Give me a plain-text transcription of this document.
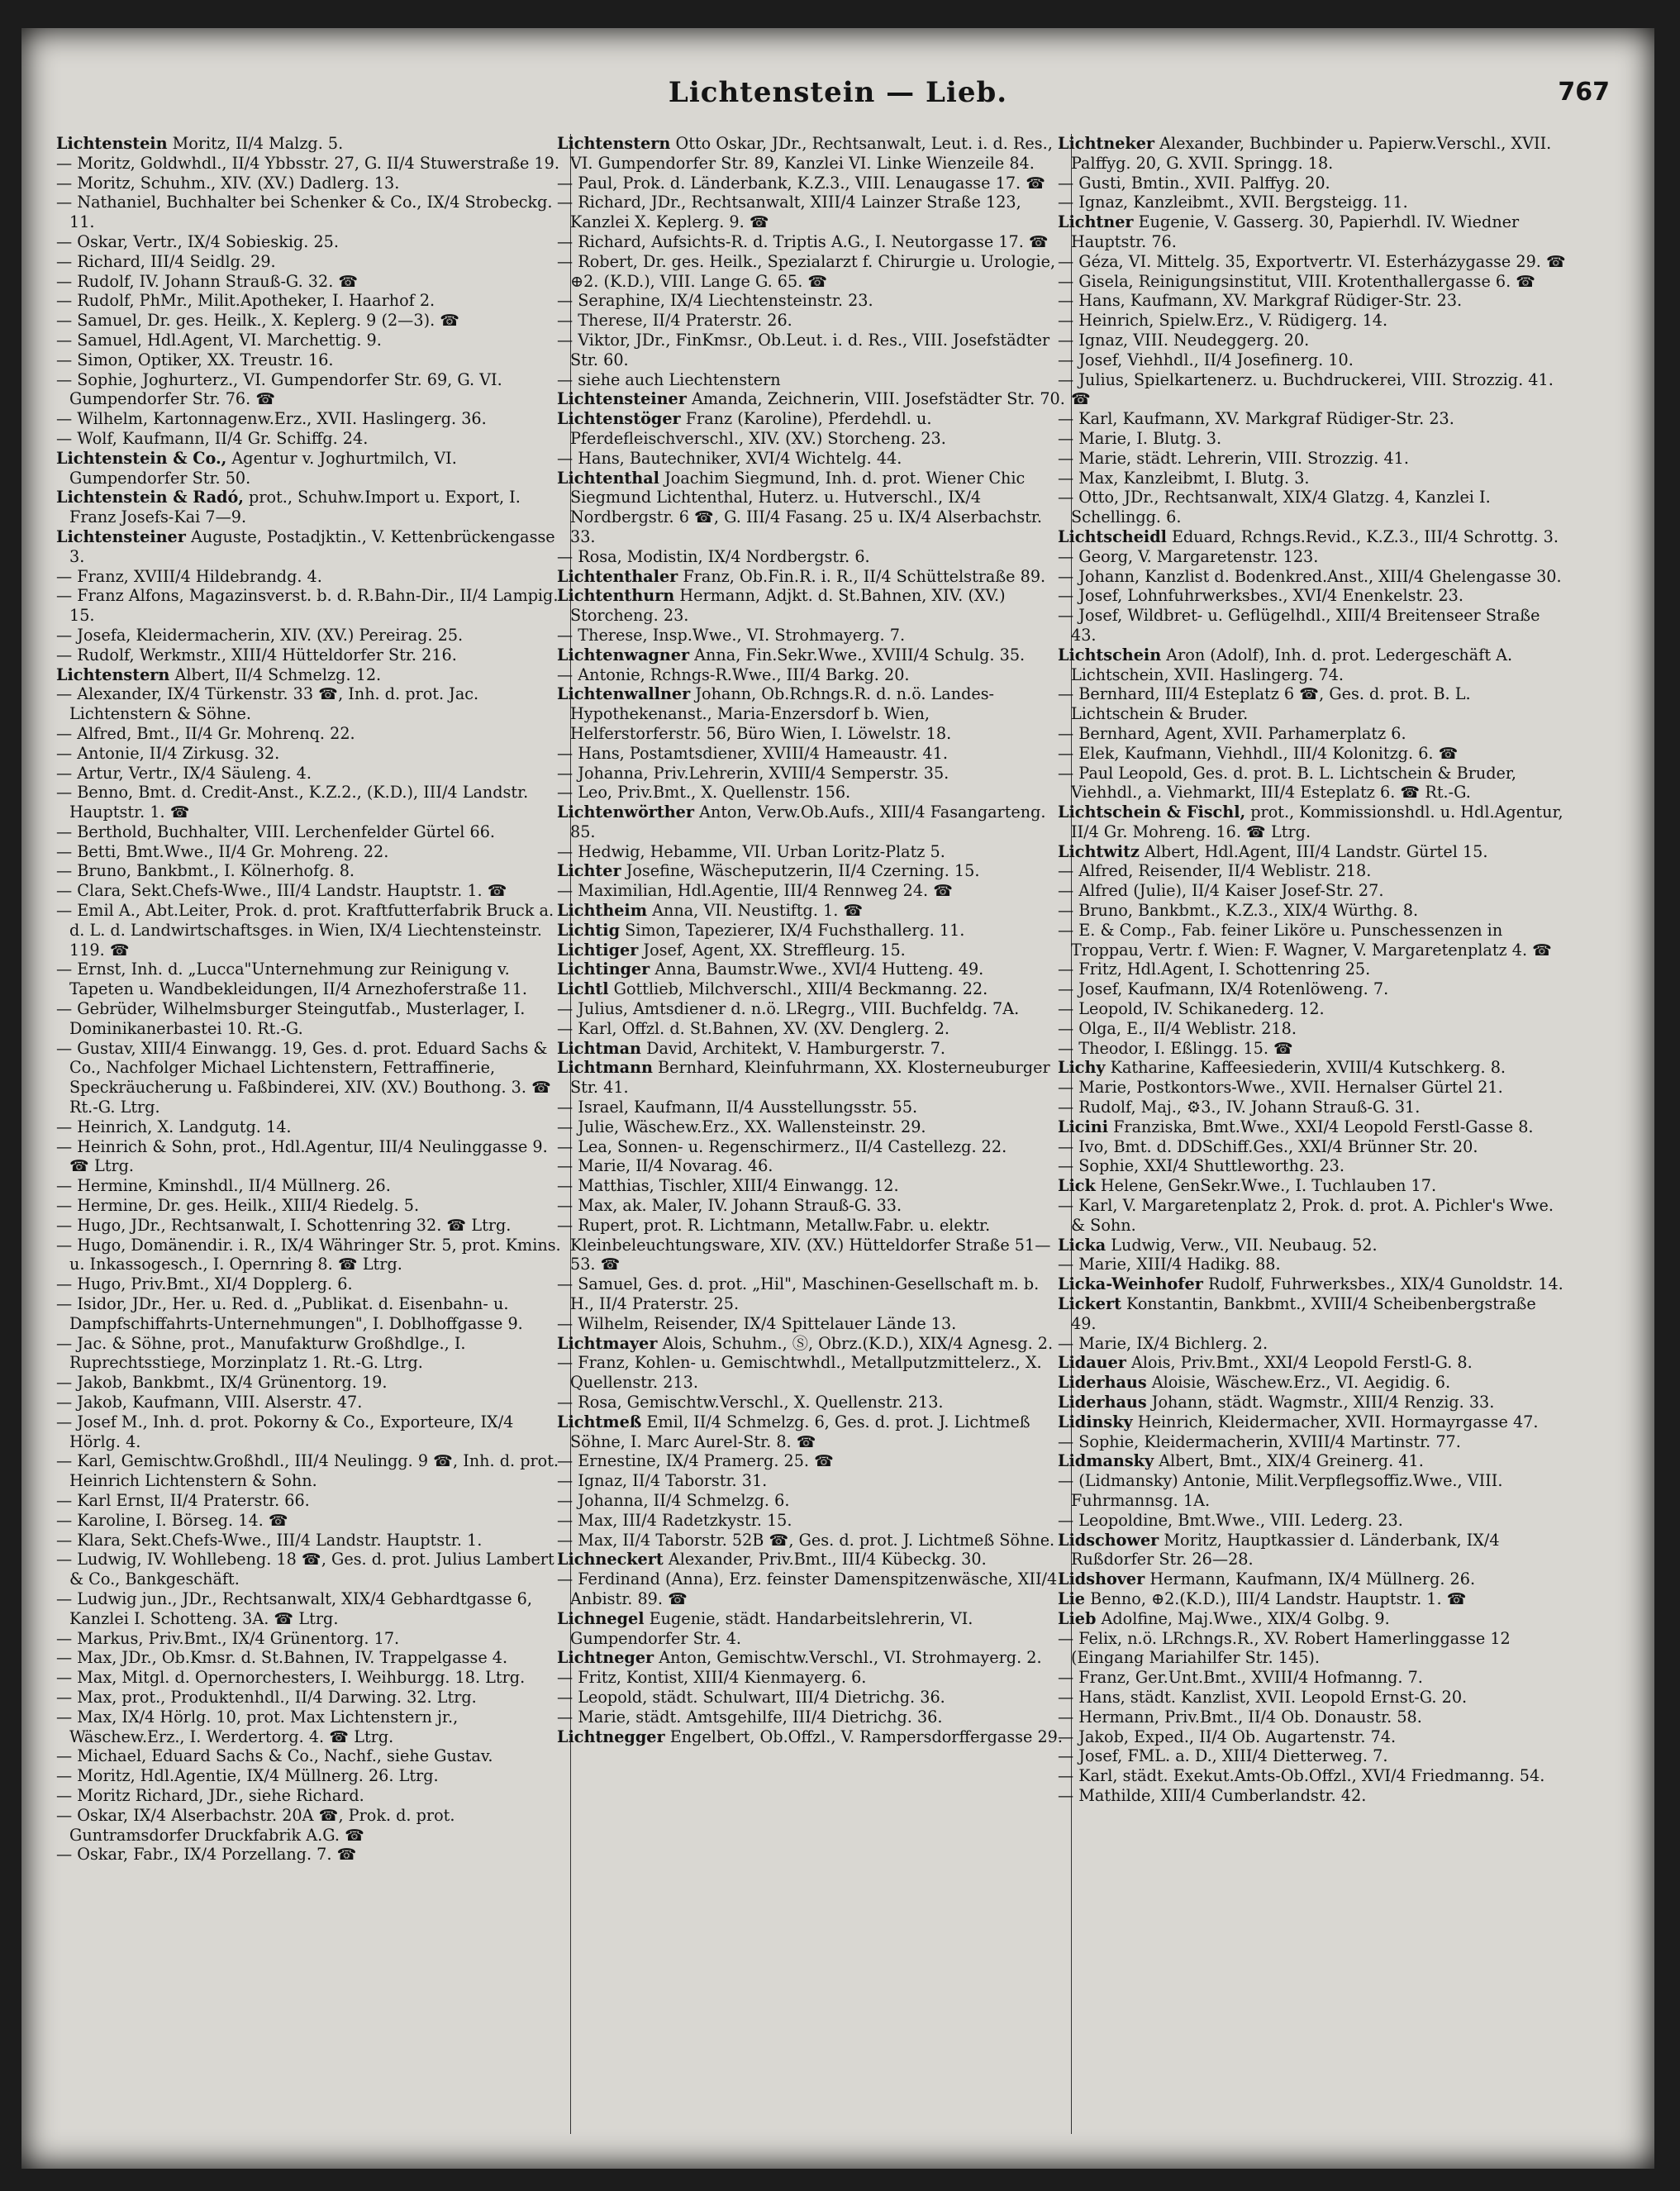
Lichtenstein — Lieb.	767

Lichtenstein Moritz, II/4 Malzg. 5.

— Moritz, Goldwhdl., II/4 Ybbsstr. 27, G. II/4 Stuwerstraße 19.

— Moritz, Schuhm., XIV. (XV.) Dadlerg. 13.

— Nathaniel, Buchhalter bei Schenker & Co., IX/4 Strobeckg. 11.

— Oskar, Vertr., IX/4 Sobieskig. 25.

— Richard, III/4 Seidlg. 29.

— Rudolf, IV. Johann Strauß-G. 32. ☎

— Rudolf, PhMr., Milit.Apotheker, I. Haarhof 2.

— Samuel, Dr. ges. Heilk., X. Keplerg. 9 (2—3). ☎

— Samuel, Hdl.Agent, VI. Marchettig. 9.

— Simon, Optiker, XX. Treustr. 16.

— Sophie, Joghurterz., VI. Gumpendorfer Str. 69, G. VI. Gumpendorfer Str. 76. ☎

— Wilhelm, Kartonnagenw.Erz., XVII. Haslingerg. 36.

— Wolf, Kaufmann, II/4 Gr. Schiffg. 24.

Lichtenstein & Co., Agentur v. Joghurtmilch, VI. Gumpendorfer Str. 50.

Lichtenstein & Radó, prot., Schuhw.Import u. Export, I. Franz Josefs-Kai 7—9.

Lichtensteiner Auguste, Postadjktin., V. Kettenbrückengasse 3.

— Franz, XVIII/4 Hildebrandg. 4.

— Franz Alfons, Magazinsverst. b. d. R.Bahn-Dir., II/4 Lampig. 15.

— Josefa, Kleidermacherin, XIV. (XV.) Pereirag. 25.

— Rudolf, Werkmstr., XIII/4 Hütteldorfer Str. 216.

Lichtenstern Albert, II/4 Schmelzg. 12.

— Alexander, IX/4 Türkenstr. 33 ☎, Inh. d. prot. Jac. Lichtenstern & Söhne.

— Alfred, Bmt., II/4 Gr. Mohrenq. 22.

— Antonie, II/4 Zirkusg. 32.

— Artur, Vertr., IX/4 Säuleng. 4.

— Benno, Bmt. d. Credit-Anst., K.Z.2., (K.D.), III/4 Landstr. Hauptstr. 1. ☎

— Berthold, Buchhalter, VIII. Lerchenfelder Gürtel 66.

— Betti, Bmt.Wwe., II/4 Gr. Mohreng. 22.

— Bruno, Bankbmt., I. Kölnerhofg. 8.

— Clara, Sekt.Chefs-Wwe., III/4 Landstr. Hauptstr. 1. ☎

— Emil A., Abt.Leiter, Prok. d. prot. Kraftfutterfabrik Bruck a. d. L. d. Landwirtschaftsges. in Wien, IX/4 Liechtensteinstr. 119. ☎

— Ernst, Inh. d. „Lucca"Unternehmung zur Reinigung v. Tapeten u. Wandbekleidungen, II/4 Arnezhoferstraße 11.

— Gebrüder, Wilhelmsburger Steingutfab., Musterlager, I. Dominikanerbastei 10. Rt.-G.

— Gustav, XIII/4 Einwangg. 19, Ges. d. prot. Eduard Sachs & Co., Nachfolger Michael Lichtenstern, Fettraffinerie, Speckräucherung u. Faßbinderei, XIV. (XV.) Bouthong. 3. ☎ Rt.-G. Ltrg.

— Heinrich, X. Landgutg. 14.

— Heinrich & Sohn, prot., Hdl.Agentur, III/4 Neulinggasse 9. ☎ Ltrg.

— Hermine, Kminshdl., II/4 Müllnerg. 26.

— Hermine, Dr. ges. Heilk., XIII/4 Riedelg. 5.

— Hugo, JDr., Rechtsanwalt, I. Schottenring 32. ☎ Ltrg.

— Hugo, Domänendir. i. R., IX/4 Währinger Str. 5, prot. Kmins. u. Inkassogesch., I. Opernring 8. ☎ Ltrg.

— Hugo, Priv.Bmt., XI/4 Dopplerg. 6.

— Isidor, JDr., Her. u. Red. d. „Publikat. d. Eisenbahn- u. Dampfschiffahrts-Unternehmungen", I. Doblhoffgasse 9.

— Jac. & Söhne, prot., Manufakturw Großhdlge., I. Ruprechtsstiege, Morzinplatz 1. Rt.-G. Ltrg.

— Jakob, Bankbmt., IX/4 Grünentorg. 19.

— Jakob, Kaufmann, VIII. Alserstr. 47.

— Josef M., Inh. d. prot. Pokorny & Co., Exporteure, IX/4 Hörlg. 4.

— Karl, Gemischtw.Großhdl., III/4 Neulingg. 9 ☎, Inh. d. prot. Heinrich Lichtenstern & Sohn.

— Karl Ernst, II/4 Praterstr. 66.

— Karoline, I. Börseg. 14. ☎

— Klara, Sekt.Chefs-Wwe., III/4 Landstr. Hauptstr. 1.

— Ludwig, IV. Wohllebeng. 18 ☎, Ges. d. prot. Julius Lambert & Co., Bankgeschäft.

— Ludwig jun., JDr., Rechtsanwalt, XIX/4 Gebhardtgasse 6, Kanzlei I. Schotteng. 3A. ☎ Ltrg.

— Markus, Priv.Bmt., IX/4 Grünentorg. 17.

— Max, JDr., Ob.Kmsr. d. St.Bahnen, IV. Trappelgasse 4.

— Max, Mitgl. d. Opernorchesters, I. Weihburgg. 18. Ltrg.

— Max, prot., Produktenhdl., II/4 Darwing. 32. Ltrg.

— Max, IX/4 Hörlg. 10, prot. Max Lichtenstern jr., Wäschew.Erz., I. Werdertorg. 4. ☎ Ltrg.

— Michael, Eduard Sachs & Co., Nachf., siehe Gustav.

— Moritz, Hdl.Agentie, IX/4 Müllnerg. 26. Ltrg.

— Moritz Richard, JDr., siehe Richard.

— Oskar, IX/4 Alserbachstr. 20A ☎, Prok. d. prot. Guntramsdorfer Druckfabrik A.G. ☎

— Oskar, Fabr., IX/4 Porzellang. 7. ☎

Lichtenstern Otto Oskar, JDr., Rechtsanwalt, Leut. i. d. Res., VI. Gumpendorfer Str. 89, Kanzlei VI. Linke Wienzeile 84.

— Paul, Prok. d. Länderbank, K.Z.3., VIII. Lenaugasse 17. ☎

— Richard, JDr., Rechtsanwalt, XIII/4 Lainzer Straße 123, Kanzlei X. Keplerg. 9. ☎

— Richard, Aufsichts-R. d. Triptis A.G., I. Neutorgasse 17. ☎

— Robert, Dr. ges. Heilk., Spezialarzt f. Chirurgie u. Urologie, ⊕2. (K.D.), VIII. Lange G. 65. ☎

— Seraphine, IX/4 Liechtensteinstr. 23.

— Therese, II/4 Praterstr. 26.

— Viktor, JDr., FinKmsr., Ob.Leut. i. d. Res., VIII. Josefstädter Str. 60.

— siehe auch Liechtenstern

Lichtensteiner Amanda, Zeichnerin, VIII. Josefstädter Str. 70.

Lichtenstöger Franz (Karoline), Pferdehdl. u. Pferdefleischverschl., XIV. (XV.) Storcheng. 23.

— Hans, Bautechniker, XVI/4 Wichtelg. 44.

Lichtenthal Joachim Siegmund, Inh. d. prot. Wiener Chic Siegmund Lichtenthal, Huterz. u. Hutverschl., IX/4 Nordbergstr. 6 ☎, G. III/4 Fasang. 25 u. IX/4 Alserbachstr. 33.

— Rosa, Modistin, IX/4 Nordbergstr. 6.

Lichtenthaler Franz, Ob.Fin.R. i. R., II/4 Schüttelstraße 89.

Lichtenthurn Hermann, Adjkt. d. St.Bahnen, XIV. (XV.) Storcheng. 23.

— Therese, Insp.Wwe., VI. Strohmayerg. 7.

Lichtenwagner Anna, Fin.Sekr.Wwe., XVIII/4 Schulg. 35.

— Antonie, Rchngs-R.Wwe., III/4 Barkg. 20.

Lichtenwallner Johann, Ob.Rchngs.R. d. n.ö. Landes-Hypothekenanst., Maria-Enzersdorf b. Wien, Helferstorferstr. 56, Büro Wien, I. Löwelstr. 18.

— Hans, Postamtsdiener, XVIII/4 Hameaustr. 41.

— Johanna, Priv.Lehrerin, XVIII/4 Semperstr. 35.

— Leo, Priv.Bmt., X. Quellenstr. 156.

Lichtenwörther Anton, Verw.Ob.Aufs., XIII/4 Fasangarteng. 85.

— Hedwig, Hebamme, VII. Urban Loritz-Platz 5.

Lichter Josefine, Wäscheputzerin, II/4 Czerning. 15.

— Maximilian, Hdl.Agentie, III/4 Rennweg 24. ☎

Lichtheim Anna, VII. Neustiftg. 1. ☎

Lichtig Simon, Tapezierer, IX/4 Fuchsthallerg. 11.

Lichtiger Josef, Agent, XX. Streffleurg. 15.

Lichtinger Anna, Baumstr.Wwe., XVI/4 Hutteng. 49.

Lichtl Gottlieb, Milchverschl., XIII/4 Beckmanng. 22.

— Julius, Amtsdiener d. n.ö. LRegrg., VIII. Buchfeldg. 7A.

— Karl, Offzl. d. St.Bahnen, XV. (XV. Denglerg. 2.

Lichtman David, Architekt, V. Hamburgerstr. 7.

Lichtmann Bernhard, Kleinfuhrmann, XX. Klosterneuburger Str. 41.

— Israel, Kaufmann, II/4 Ausstellungsstr. 55.

— Julie, Wäschew.Erz., XX. Wallensteinstr. 29.

— Lea, Sonnen- u. Regenschirmerz., II/4 Castellezg. 22.

— Marie, II/4 Novarag. 46.

— Matthias, Tischler, XIII/4 Einwangg. 12.

— Max, ak. Maler, IV. Johann Strauß-G. 33.

— Rupert, prot. R. Lichtmann, Metallw.Fabr. u. elektr. Kleinbeleuchtungsware, XIV. (XV.) Hütteldorfer Straße 51—53. ☎

— Samuel, Ges. d. prot. „Hil", Maschinen-Gesellschaft m. b. H., II/4 Praterstr. 25.

— Wilhelm, Reisender, IX/4 Spittelauer Lände 13.

Lichtmayer Alois, Schuhm., Ⓢ, Obrz.(K.D.), XIX/4 Agnesg. 2.

— Franz, Kohlen- u. Gemischtwhdl., Metallputzmittelerz., X. Quellenstr. 213.

— Rosa, Gemischtw.Verschl., X. Quellenstr. 213.

Lichtmeß Emil, II/4 Schmelzg. 6, Ges. d. prot. J. Lichtmeß Söhne, I. Marc Aurel-Str. 8. ☎

— Ernestine, IX/4 Pramerg. 25. ☎

— Ignaz, II/4 Taborstr. 31.

— Johanna, II/4 Schmelzg. 6.

— Max, III/4 Radetzkystr. 15.

— Max, II/4 Taborstr. 52B ☎, Ges. d. prot. J. Lichtmeß Söhne.

Lichneckert Alexander, Priv.Bmt., III/4 Kübeckg. 30.

— Ferdinand (Anna), Erz. feinster Damenspitzenwäsche, XII/4 Anbistr. 89. ☎

Lichnegel Eugenie, städt. Handarbeitslehrerin, VI. Gumpendorfer Str. 4.

Lichtneger Anton, Gemischtw.Verschl., VI. Strohmayerg. 2.

— Fritz, Kontist, XIII/4 Kienmayerg. 6.

— Leopold, städt. Schulwart, III/4 Dietrichg. 36.

— Marie, städt. Amtsgehilfe, III/4 Dietrichg. 36.

Lichtnegger Engelbert, Ob.Offzl., V. Rampersdorffergasse 29.

Lichtneker Alexander, Buchbinder u. Papierw.Verschl., XVII. Palffyg. 20, G. XVII. Springg. 18.

— Gusti, Bmtin., XVII. Palffyg. 20.

— Ignaz, Kanzleibmt., XVII. Bergsteigg. 11.

Lichtner Eugenie, V. Gasserg. 30, Papierhdl. IV. Wiedner Hauptstr. 76.

— Géza, VI. Mittelg. 35, Exportvertr. VI. Esterházygasse 29. ☎

— Gisela, Reinigungsinstitut, VIII. Krotenthallergasse 6. ☎

— Hans, Kaufmann, XV. Markgraf Rüdiger-Str. 23.

— Heinrich, Spielw.Erz., V. Rüdigerg. 14.

— Ignaz, VIII. Neudeggerg. 20.

— Josef, Viehhdl., II/4 Josefinerg. 10.

— Julius, Spielkartenerz. u. Buchdruckerei, VIII. Strozzig. 41. ☎

— Karl, Kaufmann, XV. Markgraf Rüdiger-Str. 23.

— Marie, I. Blutg. 3.

— Marie, städt. Lehrerin, VIII. Strozzig. 41.

— Max, Kanzleibmt, I. Blutg. 3.

— Otto, JDr., Rechtsanwalt, XIX/4 Glatzg. 4, Kanzlei I. Schellingg. 6.

Lichtscheidl Eduard, Rchngs.Revid., K.Z.3., III/4 Schrottg. 3.

— Georg, V. Margaretenstr. 123.

— Johann, Kanzlist d. Bodenkred.Anst., XIII/4 Ghelengasse 30.

— Josef, Lohnfuhrwerksbes., XVI/4 Enenkelstr. 23.

— Josef, Wildbret- u. Geflügelhdl., XIII/4 Breitenseer Straße 43.

Lichtschein Aron (Adolf), Inh. d. prot. Ledergeschäft A. Lichtschein, XVII. Haslingerg. 74.

— Bernhard, III/4 Esteplatz 6 ☎, Ges. d. prot. B. L. Lichtschein & Bruder.

— Bernhard, Agent, XVII. Parhamerplatz 6.

— Elek, Kaufmann, Viehhdl., III/4 Kolonitzg. 6. ☎

— Paul Leopold, Ges. d. prot. B. L. Lichtschein & Bruder, Viehhdl., a. Viehmarkt, III/4 Esteplatz 6. ☎ Rt.-G.

Lichtschein & Fischl, prot., Kommissionshdl. u. Hdl.Agentur, II/4 Gr. Mohreng. 16. ☎ Ltrg.

Lichtwitz Albert, Hdl.Agent, III/4 Landstr. Gürtel 15.

— Alfred, Reisender, II/4 Weblistr. 218.

— Alfred (Julie), II/4 Kaiser Josef-Str. 27.

— Bruno, Bankbmt., K.Z.3., XIX/4 Würthg. 8.

— E. & Comp., Fab. feiner Liköre u. Punschessenzen in Troppau, Vertr. f. Wien: F. Wagner, V. Margaretenplatz 4. ☎

— Fritz, Hdl.Agent, I. Schottenring 25.

— Josef, Kaufmann, IX/4 Rotenlöweng. 7.

— Leopold, IV. Schikanederg. 12.

— Olga, E., II/4 Weblistr. 218.

— Theodor, I. Eßlingg. 15. ☎

Lichy Katharine, Kaffeesiederin, XVIII/4 Kutschkerg. 8.

— Marie, Postkontors-Wwe., XVII. Hernalser Gürtel 21.

— Rudolf, Maj., ⚙3., IV. Johann Strauß-G. 31.

Licini Franziska, Bmt.Wwe., XXI/4 Leopold Ferstl-Gasse 8.

— Ivo, Bmt. d. DDSchiff.Ges., XXI/4 Brünner Str. 20.

— Sophie, XXI/4 Shuttleworthg. 23.

Lick Helene, GenSekr.Wwe., I. Tuchlauben 17.

— Karl, V. Margaretenplatz 2, Prok. d. prot. A. Pichler's Wwe. & Sohn.

Licka Ludwig, Verw., VII. Neubaug. 52.

— Marie, XIII/4 Hadikg. 88.

Licka-Weinhofer Rudolf, Fuhrwerksbes., XIX/4 Gunoldstr. 14.

Lickert Konstantin, Bankbmt., XVIII/4 Scheibenbergstraße 49.

— Marie, IX/4 Bichlerg. 2.

Lidauer Alois, Priv.Bmt., XXI/4 Leopold Ferstl-G. 8.

Liderhaus Aloisie, Wäschew.Erz., VI. Aegidig. 6.

Liderhaus Johann, städt. Wagmstr., XIII/4 Renzig. 33.

Lidinsky Heinrich, Kleidermacher, XVII. Hormayrgasse 47.

— Sophie, Kleidermacherin, XVIII/4 Martinstr. 77.

Lidmansky Albert, Bmt., XIX/4 Greinerg. 41.

— (Lidmansky) Antonie, Milit.Verpflegsoffiz.Wwe., VIII. Fuhrmannsg. 1A.

— Leopoldine, Bmt.Wwe., VIII. Lederg. 23.

Lidschower Moritz, Hauptkassier d. Länderbank, IX/4 Rußdorfer Str. 26—28.

Lidshover Hermann, Kaufmann, IX/4 Müllnerg. 26.

Lie Benno, ⊕2.(K.D.), III/4 Landstr. Hauptstr. 1. ☎

Lieb Adolfine, Maj.Wwe., XIX/4 Golbg. 9.

— Felix, n.ö. LRchngs.R., XV. Robert Hamerlinggasse 12 (Eingang Mariahilfer Str. 145).

— Franz, Ger.Unt.Bmt., XVIII/4 Hofmanng. 7.

— Hans, städt. Kanzlist, XVII. Leopold Ernst-G. 20.

— Hermann, Priv.Bmt., II/4 Ob. Donaustr. 58.

— Jakob, Exped., II/4 Ob. Augartenstr. 74.

— Josef, FML. a. D., XIII/4 Dietterweg. 7.

— Karl, städt. Exekut.Amts-Ob.Offzl., XVI/4 Friedmanng. 54.

— Mathilde, XIII/4 Cumberlandstr. 42.
